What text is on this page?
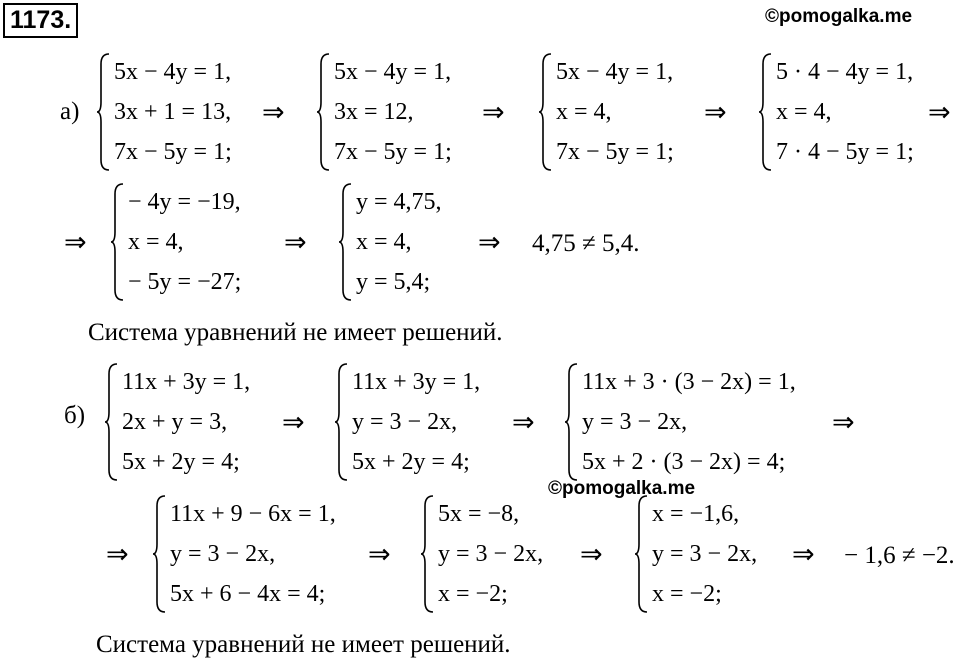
1173.	©pomogalka.me
а)
5x − 4y = 1,
3x + 1 = 13,
7x − 5y = 1;
⇒
5x − 4y = 1,
3x = 12,
7x − 5y = 1;
⇒
5x − 4y = 1,
x = 4,
7x − 5y = 1;
⇒
5 · 4 − 4y = 1,
x = 4,
7 · 4 − 5y = 1;
⇒
⇒
− 4y = −19,
x = 4,
− 5y = −27;
⇒
y = 4,75,
x = 4,
y = 5,4;
⇒ 4,75 ≠ 5,4.
Система уравнений не имеет решений.
б)
11x + 3y = 1,
2x + y = 3,
5x + 2y = 4;
⇒
11x + 3y = 1,
y = 3 − 2x,
5x + 2y = 4;
⇒
11x + 3 · (3 − 2x) = 1,
y = 3 − 2x,
5x + 2 · (3 − 2x) = 4;
⇒
©pomogalka.me
⇒
11x + 9 − 6x = 1,
y = 3 − 2x,
5x + 6 − 4x = 4;
⇒
5x = −8,
y = 3 − 2x,
x = −2;
⇒
x = −1,6,
y = 3 − 2x,
x = −2;
⇒ − 1,6 ≠ −2.
Система уравнений не имеет решений.
